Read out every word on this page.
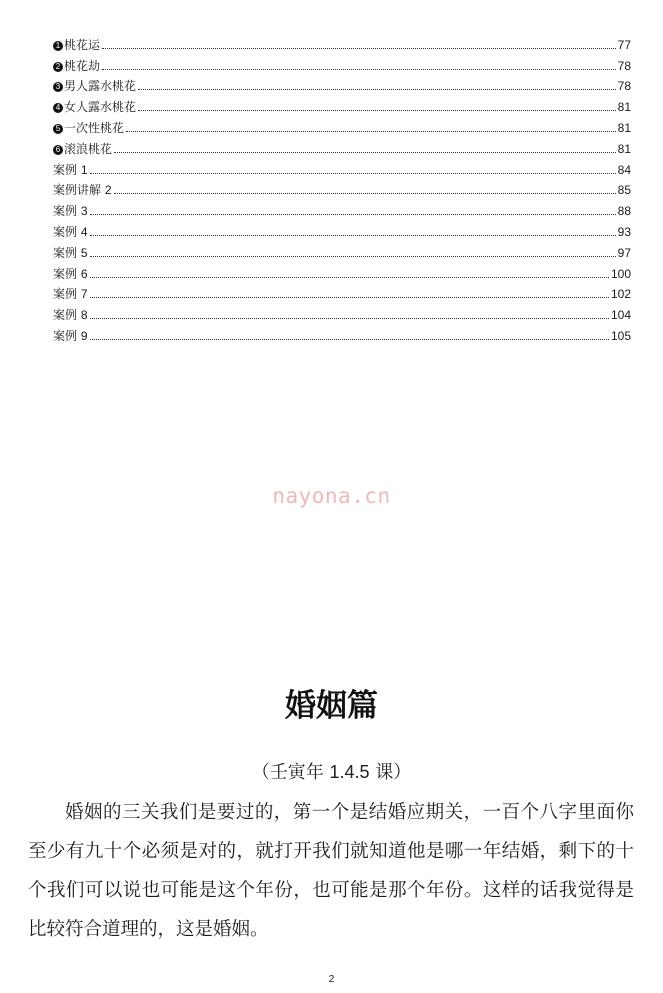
1 桃花运	77
2 桃花劫	78
3 男人露水桃花	78
4 女人露水桃花	81
5 一次性桃花	81
6 滚浪桃花	81
案例 1	84
案例讲解 2	85
案例 3	88
案例 4	93
案例 5	97
案例 6	100
案例 7	102
案例 8	104
案例 9	105
nayona.cn
婚姻篇
（壬寅年 1.4.5 课）
婚姻的三关我们是要过的，第一个是结婚应期关，一百个八字里面你至少有九十个必须是对的，就打开我们就知道他是哪一年结婚，剩下的十个我们可以说也可能是这个年份，也可能是那个年份。这样的话我觉得是比较符合道理的，这是婚姻。
2
